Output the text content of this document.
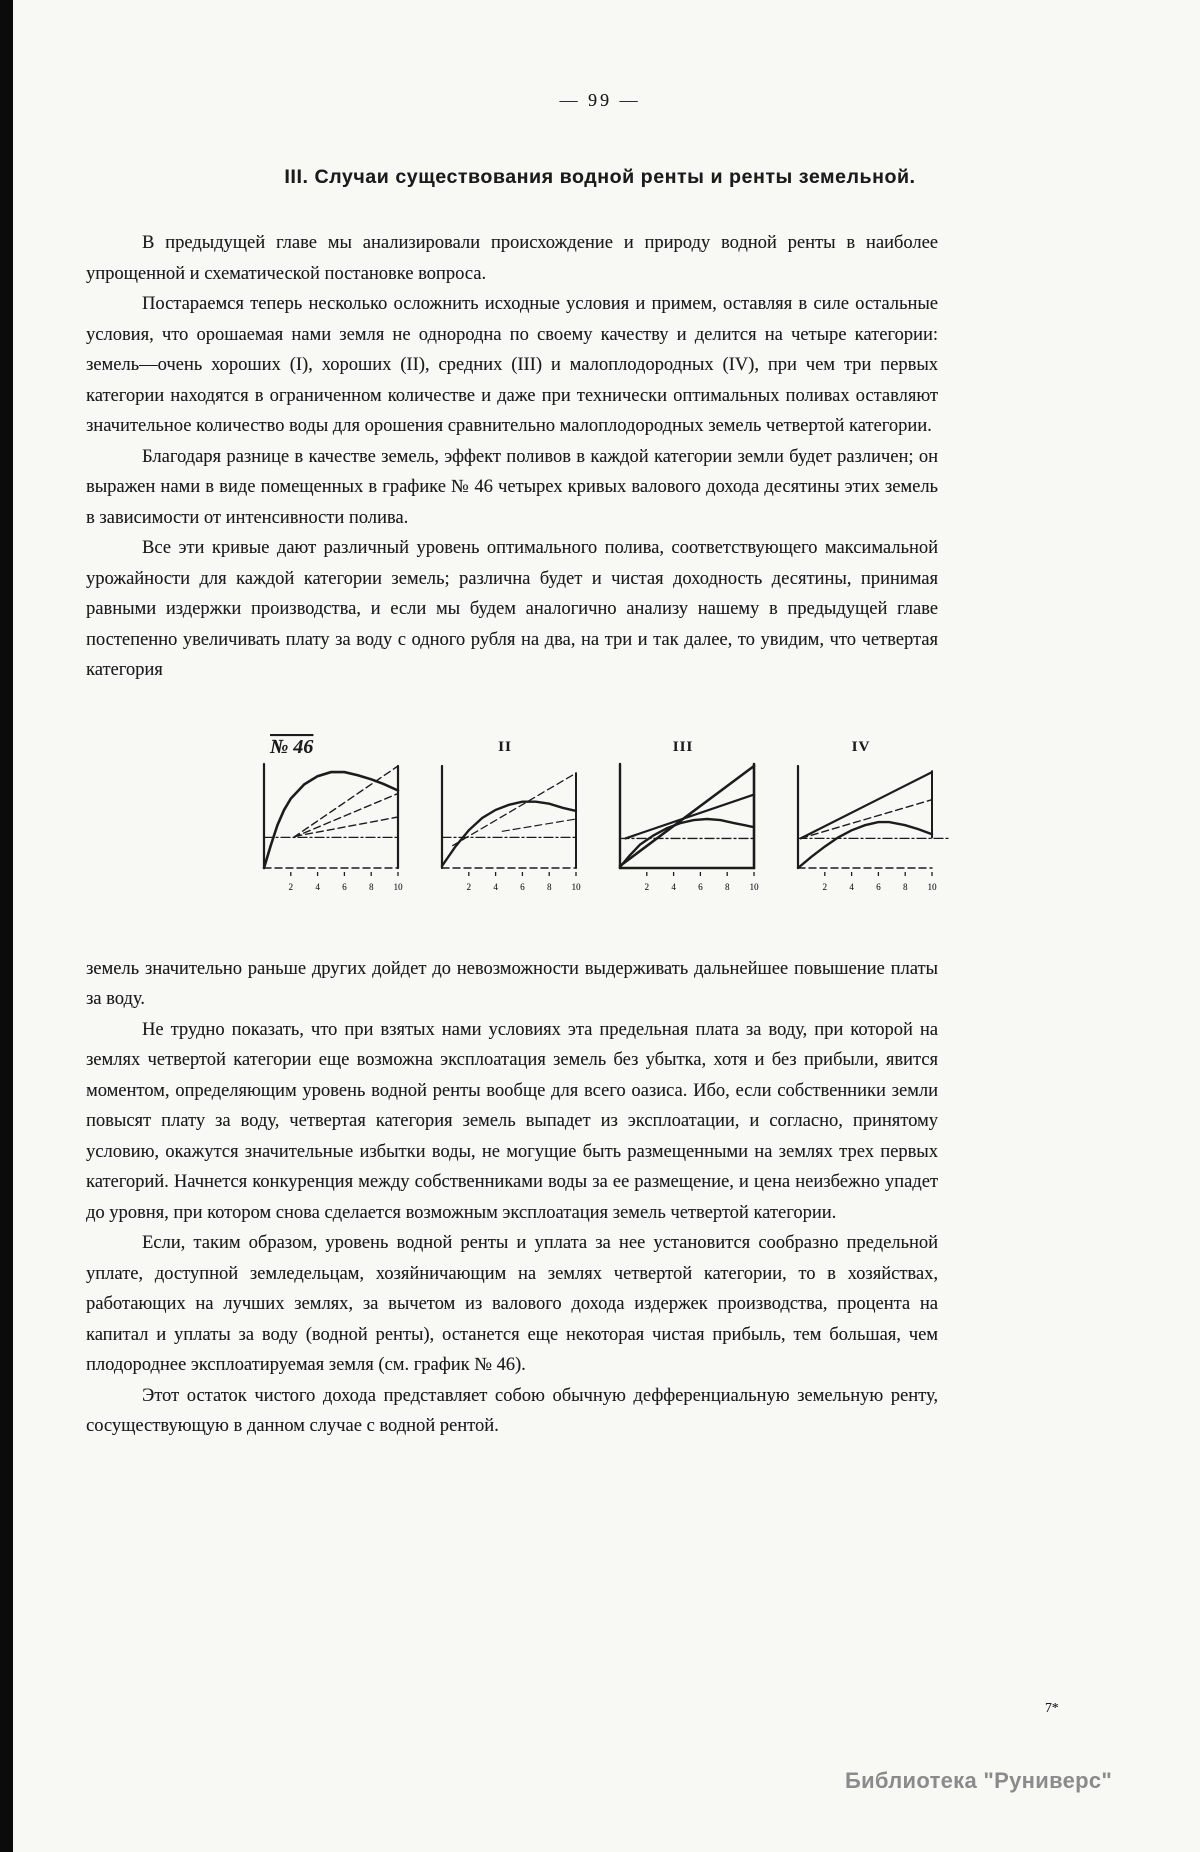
— 99 —
III. Случаи существования водной ренты и ренты земельной.

В предыдущей главе мы анализировали происхождение и природу водной ренты в наиболее упрощенной и схематической постановке вопроса.

Постараемся теперь несколько осложнить исходные условия и примем, оставляя в силе остальные условия, что орошаемая нами земля не однородна по своему качеству и делится на четыре категории: земель—очень хороших (I), хороших (II), средних (III) и малоплодородных (IV), при чем три первых категории находятся в ограниченном количестве и даже при технически оптимальных поливах оставляют значительное количество воды для орошения сравнительно малоплодородных земель четвертой категории.

Благодаря разнице в качестве земель, эффект поливов в каждой категории земли будет различен; он выражен нами в виде помещенных в графике № 46 четырех кривых валового дохода десятины этих земель в зависимости от интенсивности полива.

Все эти кривые дают различный уровень оптимального полива, соответствующего максимальной урожайности для каждой категории земель; различна будет и чистая доходность десятины, принимая равными издержки производства, и если мы будем аналогично анализу нашему в предыдущей главе постепенно увеличивать плату за воду с одного рубля на два, на три и так далее, то увидим, что четвертая категория

№ 46
2 4 6 8 10
II
2 4 6 8 10
III
2 4 6 8 10
IV
2 4 6 8 10

земель значительно раньше других дойдет до невозможности выдерживать дальнейшее повышение платы за воду.

Не трудно показать, что при взятых нами условиях эта предельная плата за воду, при которой на землях четвертой категории еще возможна эксплоатация земель без убытка, хотя и без прибыли, явится моментом, определяющим уровень водной ренты вообще для всего оазиса. Ибо, если собственники земли повысят плату за воду, четвертая категория земель выпадет из эксплоатации, и согласно, принятому условию, окажутся значительные избытки воды, не могущие быть размещенными на землях трех первых категорий. Начнется конкуренция между собственниками воды за ее размещение, и цена неизбежно упадет до уровня, при котором снова сделается возможным эксплоатация земель четвертой категории.

Если, таким образом, уровень водной ренты и уплата за нее установится сообразно предельной уплате, доступной земледельцам, хозяйничающим на землях четвертой категории, то в хозяйствах, работающих на лучших землях, за вычетом из валового дохода издержек производства, процента на капитал и уплаты за воду (водной ренты), останется еще некоторая чистая прибыль, тем большая, чем плодороднее эксплоатируемая земля (см. график № 46).

Этот остаток чистого дохода представляет собою обычную дефференциальную земельную ренту, сосуществующую в данном случае с водной рентой.

7*
Библиотека "Руниверс"
